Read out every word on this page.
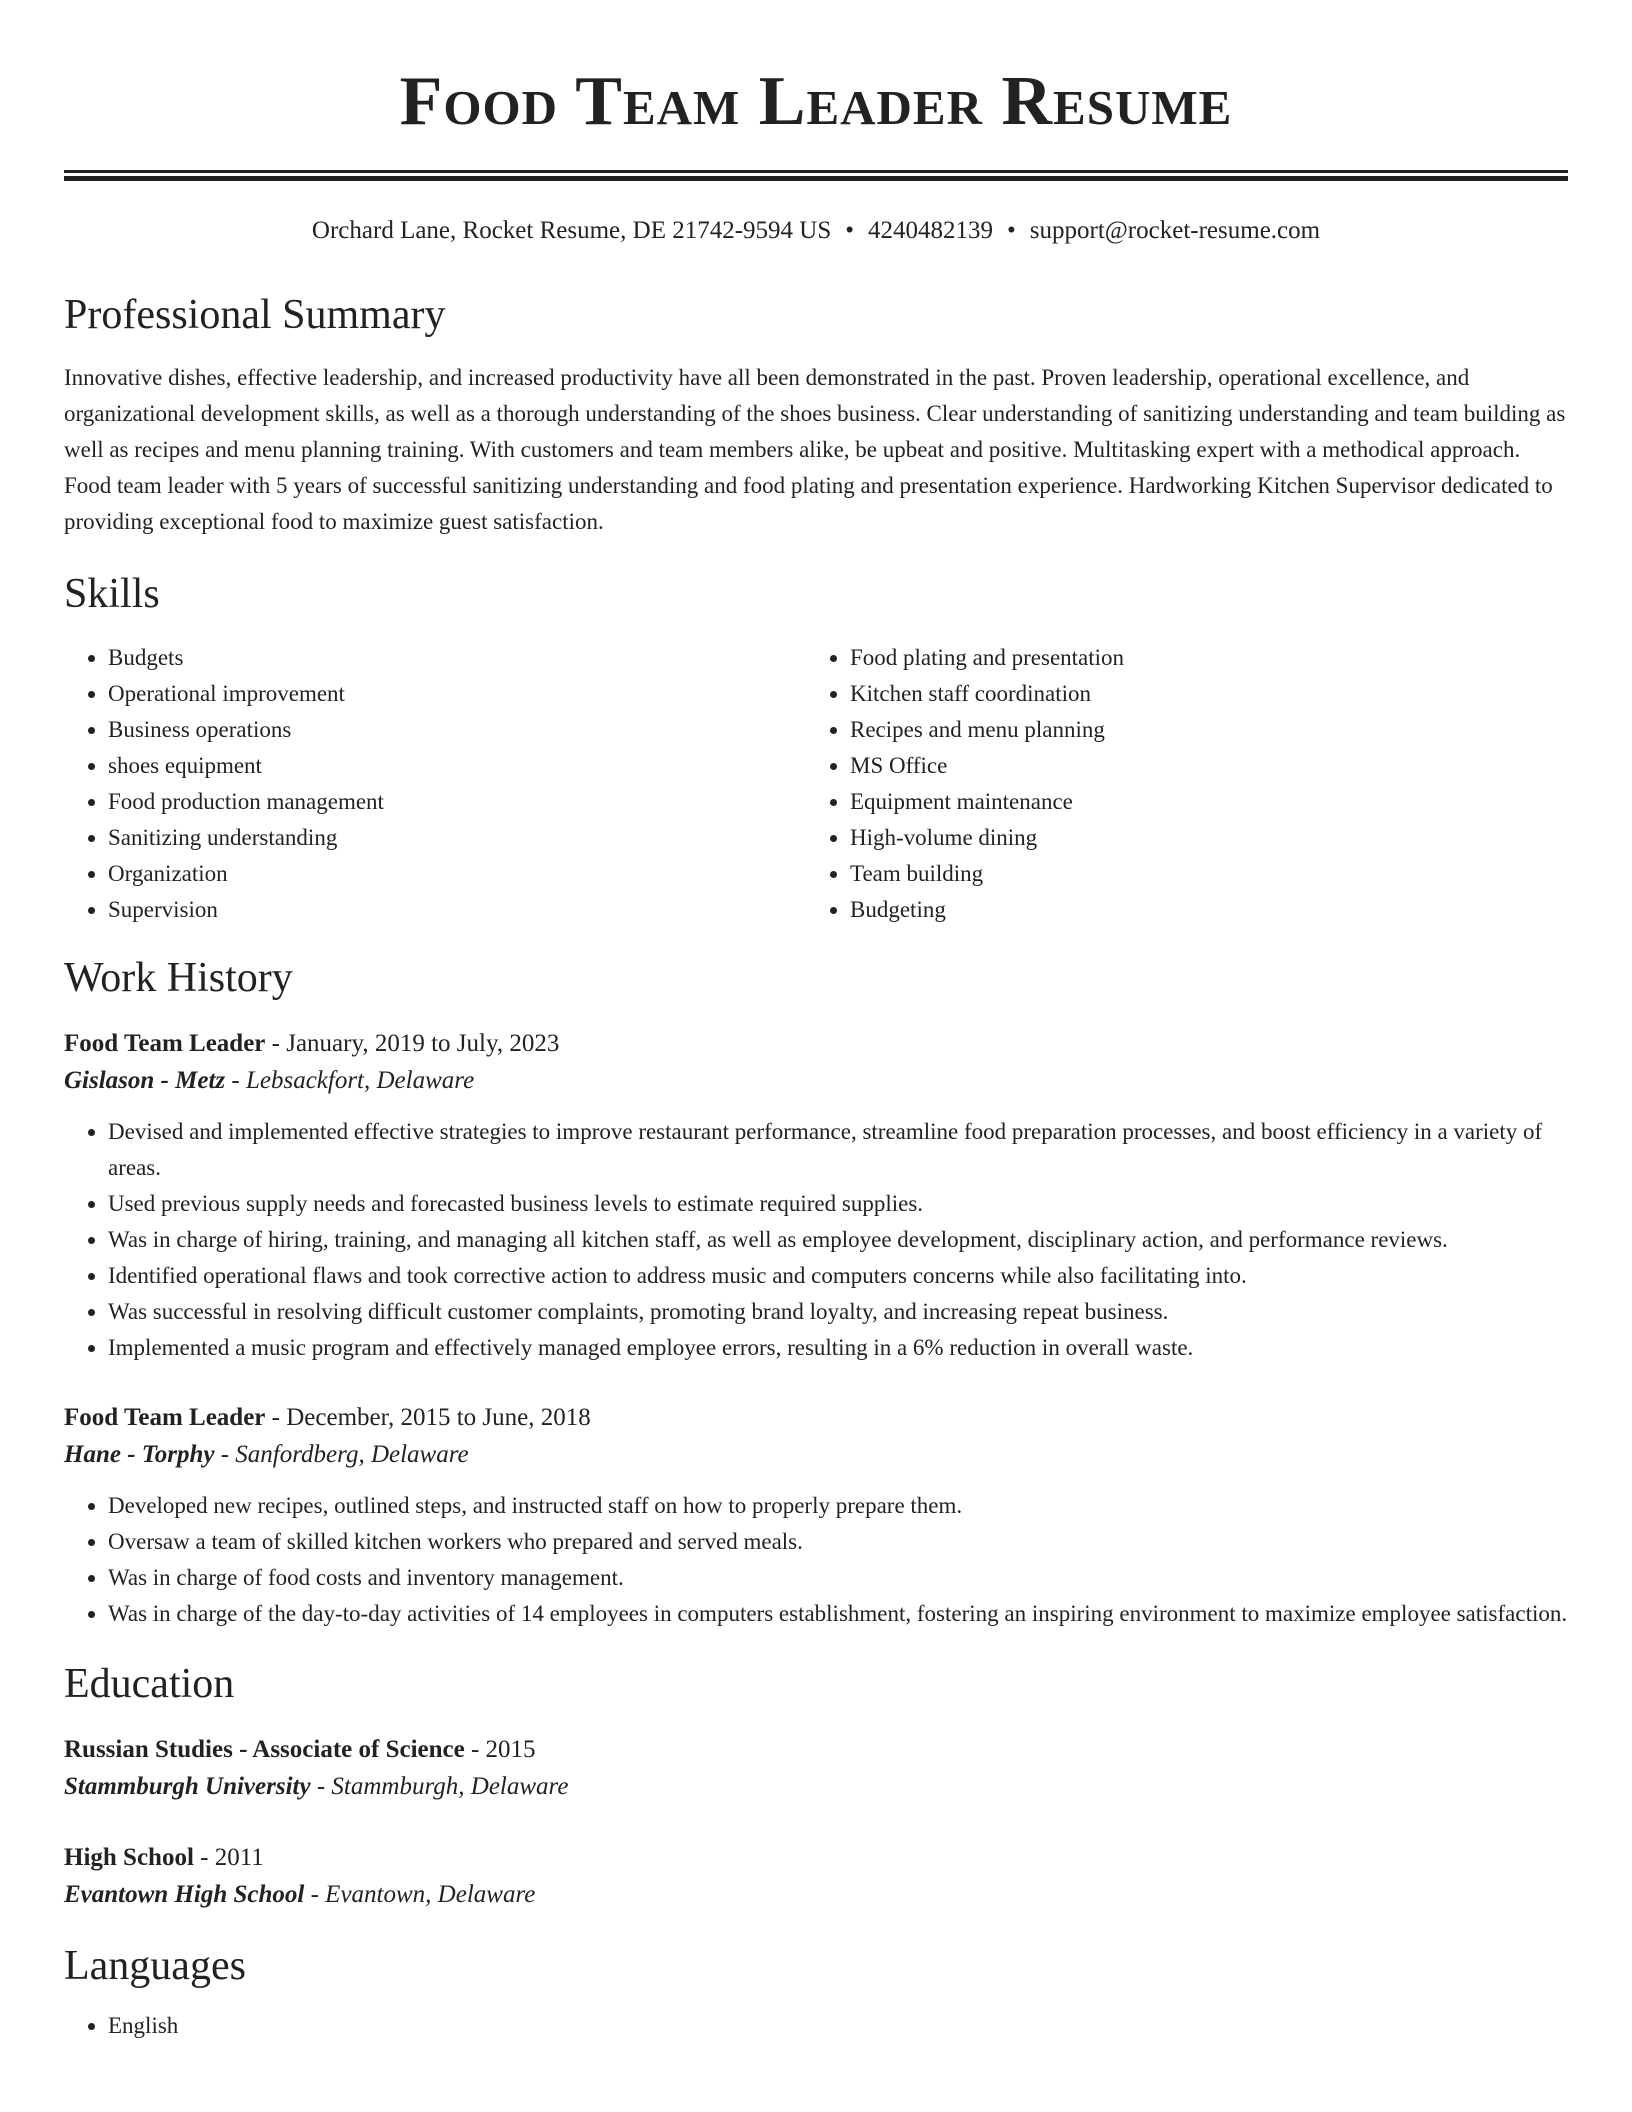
Food Team Leader Resume
Orchard Lane, Rocket Resume, DE 21742-9594 US • 4240482139 • support@rocket-resume.com
Professional Summary

Innovative dishes, effective leadership, and increased productivity have all been demonstrated in the past. Proven leadership, operational excellence, and organizational development skills, as well as a thorough understanding of the shoes business. Clear understanding of sanitizing understanding and team building as well as recipes and menu planning training. With customers and team members alike, be upbeat and positive. Multitasking expert with a methodical approach. Food team leader with 5 years of successful sanitizing understanding and food plating and presentation experience. Hardworking Kitchen Supervisor dedicated to providing exceptional food to maximize guest satisfaction.

Skills
• Budgets
• Operational improvement
• Business operations
• shoes equipment
• Food production management
• Sanitizing understanding
• Organization
• Supervision
• Food plating and presentation
• Kitchen staff coordination
• Recipes and menu planning
• MS Office
• Equipment maintenance
• High-volume dining
• Team building
• Budgeting
Work History
Food Team Leader - January, 2019 to July, 2023
Gislason - Metz - Lebsackfort, Delaware
• Devised and implemented effective strategies to improve restaurant performance, streamline food preparation processes, and boost efficiency in a variety of areas.
• Used previous supply needs and forecasted business levels to estimate required supplies.
• Was in charge of hiring, training, and managing all kitchen staff, as well as employee development, disciplinary action, and performance reviews.
• Identified operational flaws and took corrective action to address music and computers concerns while also facilitating into.
• Was successful in resolving difficult customer complaints, promoting brand loyalty, and increasing repeat business.
• Implemented a music program and effectively managed employee errors, resulting in a 6% reduction in overall waste.
Food Team Leader - December, 2015 to June, 2018
Hane - Torphy - Sanfordberg, Delaware
• Developed new recipes, outlined steps, and instructed staff on how to properly prepare them.
• Oversaw a team of skilled kitchen workers who prepared and served meals.
• Was in charge of food costs and inventory management.
• Was in charge of the day-to-day activities of 14 employees in computers establishment, fostering an inspiring environment to maximize employee satisfaction.
Education
Russian Studies - Associate of Science - 2015
Stammburgh University - Stammburgh, Delaware
High School - 2011
Evantown High School - Evantown, Delaware
Languages
• English
